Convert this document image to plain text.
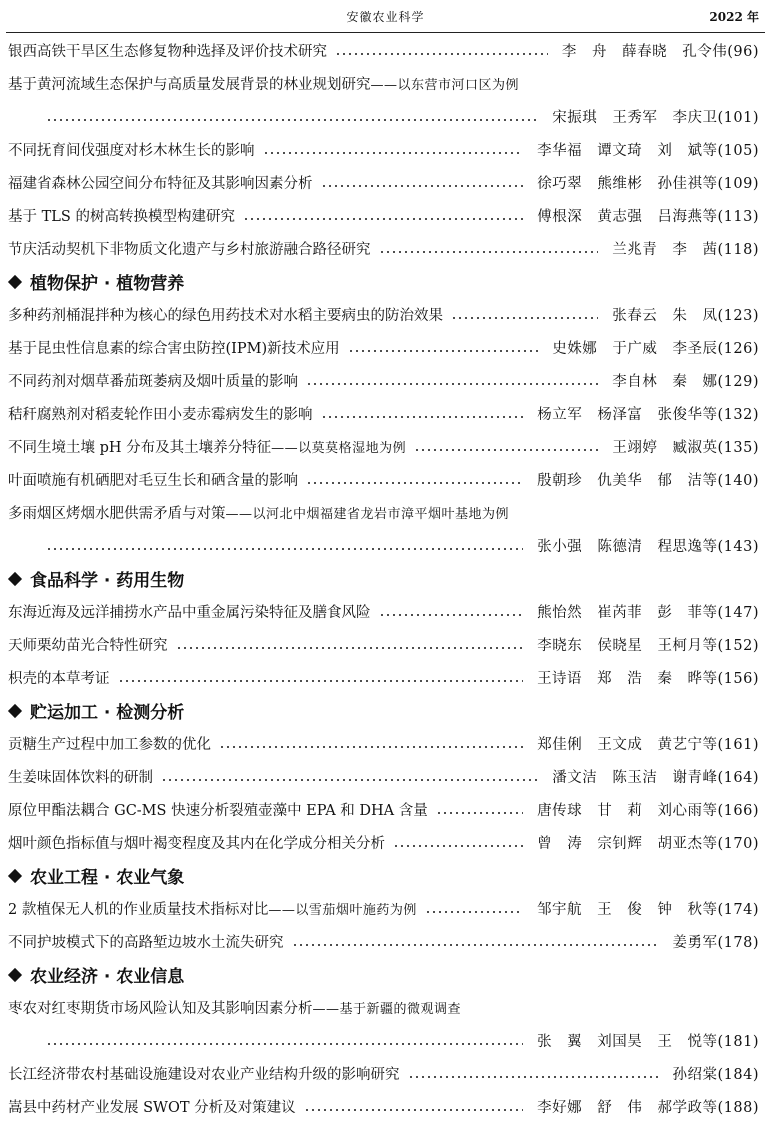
安徽农业科学	2022 年
银西高铁干旱区生态修复物种选择及评价技术研究	李 舟 薛春晓 孔令伟(96)
基于黄河流域生态保护与高质量发展背景的林业规划研究 ——以东营市河口区为例
宋振琪 王秀军 李庆卫(101)
不同抚育间伐强度对杉木林生长的影响	李华福 谭文琦 刘 斌等(105)
福建省森林公园空间分布特征及其影响因素分析	徐巧翠 熊维彬 孙佳祺等(109)
基于 TLS 的树高转换模型构建研究	傅根深 黄志强 吕海燕等(113)
节庆活动契机下非物质文化遗产与乡村旅游融合路径研究	兰兆青 李 茜(118)
植物保护 · 植物营养
多种药剂桶混拌种为核心的绿色用药技术对水稻主要病虫的防治效果	张春云 朱 凤(123)
基于昆虫性信息素的综合害虫防控(IPM)新技术应用	史姝娜 于广威 李圣辰(126)
不同药剂对烟草番茄斑萎病及烟叶质量的影响	李自林 秦 娜(129)
秸秆腐熟剂对稻麦轮作田小麦赤霉病发生的影响	杨立军 杨泽富 张俊华等(132)
不同生境土壤 pH 分布及其土壤养分特征 ——以莫莫格湿地为例	王翊婷 臧淑英(135)
叶面喷施有机硒肥对毛豆生长和硒含量的影响	殷朝珍 仇美华 郁 洁等(140)
多雨烟区烤烟水肥供需矛盾与对策 ——以河北中烟福建省龙岩市漳平烟叶基地为例
张小强 陈德清 程思逸等(143)
食品科学 · 药用生物
东海近海及远洋捕捞水产品中重金属污染特征及膳食风险	熊怡然 崔芮菲 彭 菲等(147)
天师栗幼苗光合特性研究	李晓东 侯晓星 王柯月等(152)
枳壳的本草考证	王诗语 郑 浩 秦 晔等(156)
贮运加工 · 检测分析
贡糖生产过程中加工参数的优化	郑佳俐 王文成 黄艺宁等(161)
生姜味固体饮料的研制	潘文洁 陈玉洁 谢青峰(164)
原位甲酯法耦合 GC-MS 快速分析裂殖壶藻中 EPA 和 DHA 含量	唐传球 甘 莉 刘心雨等(166)
烟叶颜色指标值与烟叶褐变程度及其内在化学成分相关分析	曾 涛 宗钊辉 胡亚杰等(170)
农业工程 · 农业气象
2 款植保无人机的作业质量技术指标对比 ——以雪茄烟叶施药为例	邹宇航 王 俊 钟 秋等(174)
不同护坡模式下的高路堑边坡水土流失研究	姜勇军(178)
农业经济 · 农业信息
枣农对红枣期货市场风险认知及其影响因素分析 ——基于新疆的微观调查
张 翼 刘国昊 王 悦等(181)
长江经济带农村基础设施建设对农业产业结构升级的影响研究	孙绍棠(184)
嵩县中药材产业发展 SWOT 分析及对策建议	李好娜 舒 伟 郝学政等(188)
